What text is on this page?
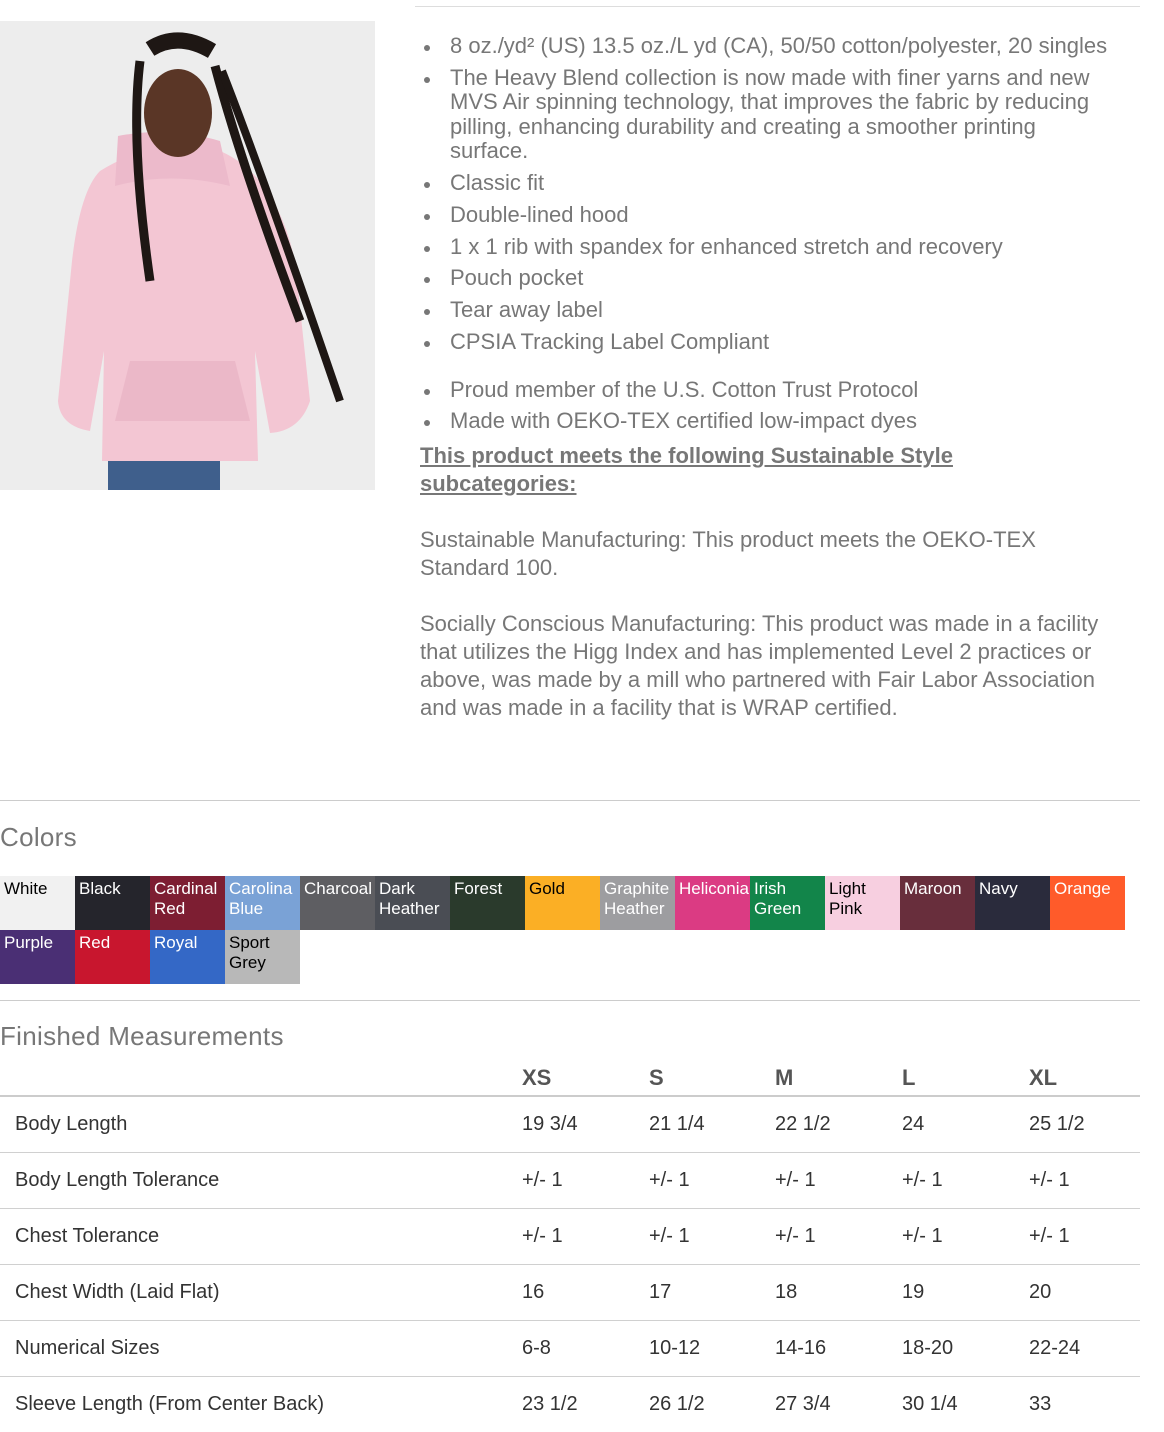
8 oz./yd² (US) 13.5 oz./L yd (CA), 50/50 cotton/polyester, 20 singles
The Heavy Blend collection is now made with finer yarns and new MVS Air spinning technology, that improves the fabric by reducing pilling, enhancing durability and creating a smoother printing surface.
Classic fit
Double-lined hood
1 x 1 rib with spandex for enhanced stretch and recovery
Pouch pocket
Tear away label
CPSIA Tracking Label Compliant
Proud member of the U.S. Cotton Trust Protocol
Made with OEKO-TEX certified low-impact dyes
This product meets the following Sustainable Style subcategories:
Sustainable Manufacturing: This product meets the OEKO-TEX Standard 100.
Socially Conscious Manufacturing: This product was made in a facility that utilizes the Higg Index and has implemented Level 2 practices or above, was made by a mill who partnered with Fair Labor Association and was made in a facility that is WRAP certified.
Colors
White	Black	Cardinal Red
Carolina Blue
Charcoal Dark Heather
Forest	Gold	Graphite Heather
Heliconia Irish Green
Light Pink
Maroon	Navy	Orange
Purple	Red	Royal	Sport Grey
Finished Measurements
	XS	S	M	L	XL
Body Length	19 3/4	21 1/4	22 1/2	24	25 1/2
Body Length Tolerance	+/- 1	+/- 1	+/- 1	+/- 1	+/- 1
Chest Tolerance	+/- 1	+/- 1	+/- 1	+/- 1	+/- 1
Chest Width (Laid Flat)	16	17	18	19	20
Numerical Sizes	6-8	10-12	14-16	18-20	22-24
Sleeve Length (From Center Back)	23 1/2	26 1/2	27 3/4	30 1/4	33
